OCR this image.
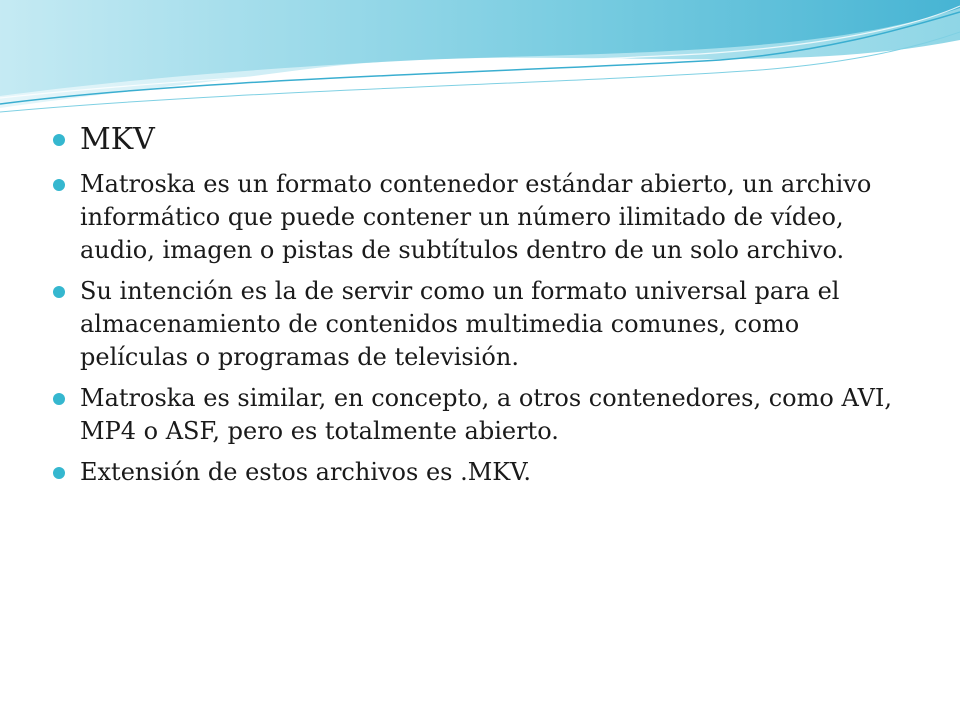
MKV
Matroska es un formato contenedor estándar abierto, un archivo informático que puede contener un número ilimitado de vídeo, audio, imagen o pistas de subtítulos dentro de un solo archivo.
Su intención es la de servir como un formato universal para el almacenamiento de contenidos multimedia comunes, como películas o programas de televisión.
Matroska es similar, en concepto, a otros contenedores, como AVI, MP4 o ASF, pero es totalmente abierto.
Extensión de estos archivos es .MKV.
